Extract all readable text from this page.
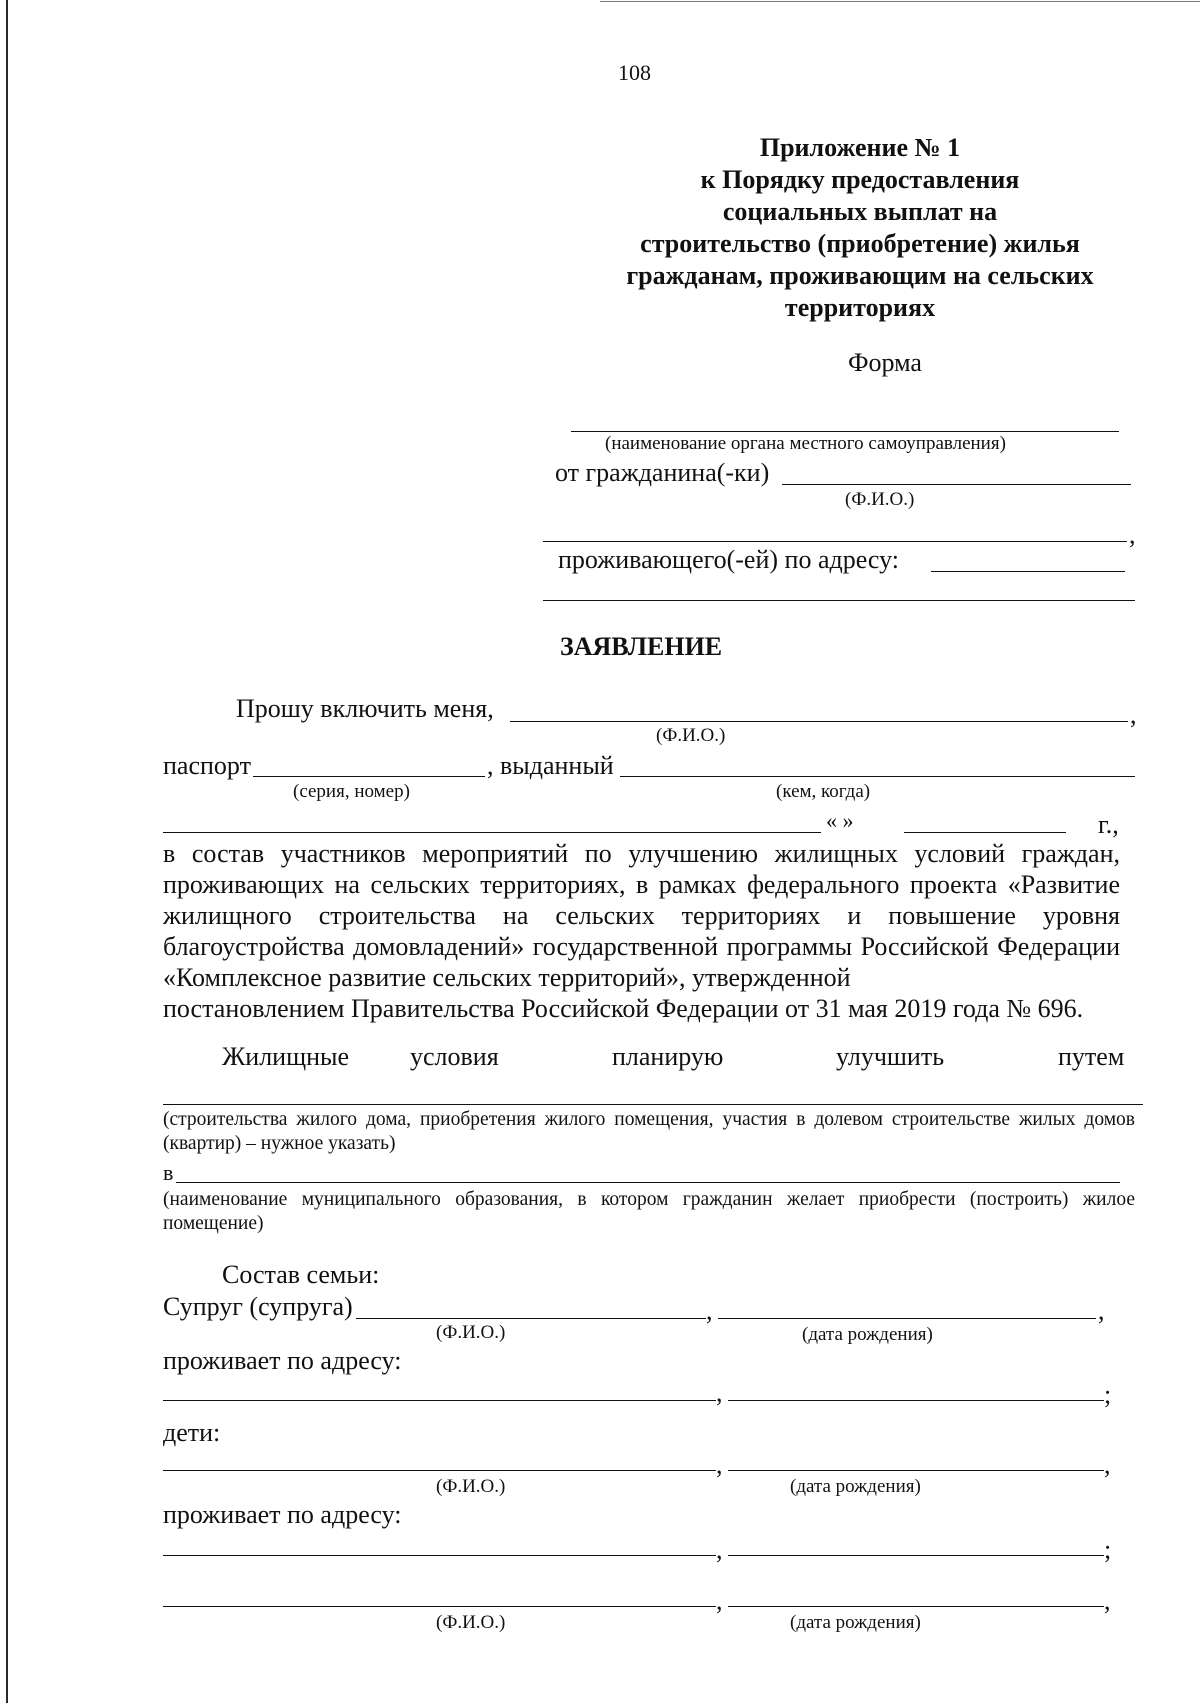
108
Приложение № 1
к Порядку предоставления
социальных выплат на
строительство (приобретение) жилья
гражданам, проживающим на сельских
территориях
Форма
(наименование органа местного самоуправления)
от гражданина(-ки)
(Ф.И.О.)
,
проживающего(-ей) по адресу:
ЗАЯВЛЕНИЕ
Прошу включить меня,	,
(Ф.И.О.)
паспорт	, выданный
(серия, номер)	(кем, когда)
« »	г.,
в состав участников мероприятий по улучшению жилищных условий граждан, проживающих на сельских территориях, в рамках федерального проекта «Развитие жилищного строительства на сельских территориях и повышение уровня благоустройства домовладений» государственной программы Российской Федерации «Комплексное развитие сельских территорий», утвержденной
постановлением Правительства Российской Федерации от 31 мая 2019 года № 696.
Жилищные условия	планирую	улучшить	путем
(строительства жилого дома, приобретения жилого помещения, участия в долевом строительстве жилых домов (квартир) – нужное указать)
в
(наименование муниципального образования, в котором гражданин желает приобрести (построить) жилое помещение)
Состав семьи:
Супруг (супруга)	,	,
(Ф.И.О.)	(дата рождения)
проживает по адресу:
,	;
дети:
,	,
(Ф.И.О.)	(дата рождения)
проживает по адресу:
,	;
,	,
(Ф.И.О.)	(дата рождения)
